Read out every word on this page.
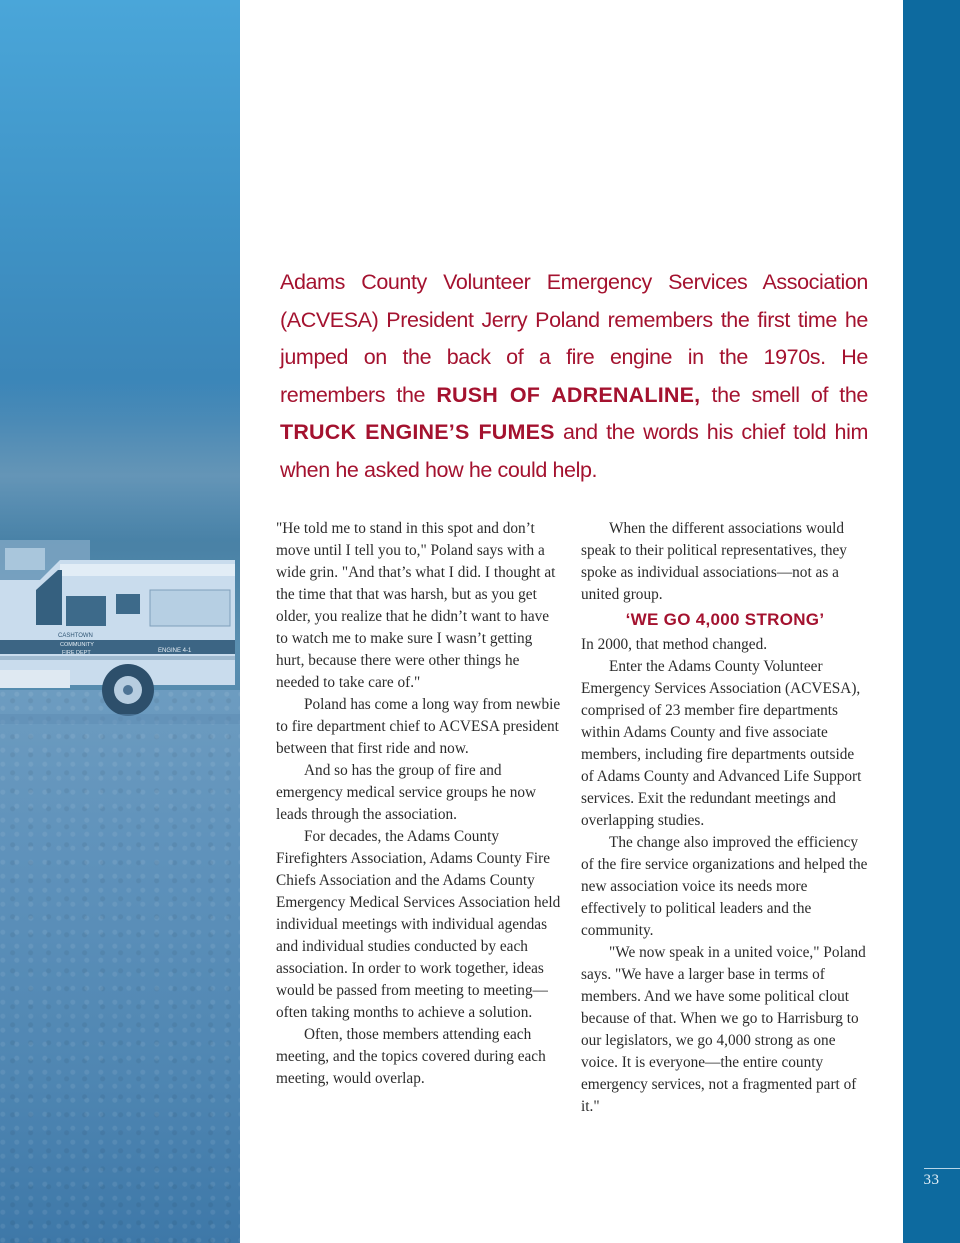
CASHTOWN
COMMUNITY
FIRE DEPT	ENGINE 4-1
33
Adams County Volunteer Emergency Services Association (ACVESA) President Jerry Poland remembers the first time he jumped on the back of a fire engine in the 1970s. He remembers the RUSH OF ADRENALINE, the smell of the TRUCK ENGINE’S FUMES and the words his chief told him when he asked how he could help.

"He told me to stand in this spot and don’t move until I tell you to," Poland says with a wide grin. "And that’s what I did. I thought at the time that that was harsh, but as you get older, you realize that he didn’t want to have to watch me to make sure I wasn’t getting hurt, because there were other things he needed to take care of."

Poland has come a long way from newbie to fire department chief to ACVESA president between that first ride and now.

And so has the group of fire and emergency medical service groups he now leads through the association.

For decades, the Adams County Firefighters Association, Adams County Fire Chiefs Association and the Adams County Emergency Medical Services Association held individual meetings with individual agendas and individual studies conducted by each association. In order to work together, ideas would be passed from meeting to meeting—often taking months to achieve a solution.

Often, those members attending each meeting, and the topics covered during each meeting, would overlap.

When the different associations would speak to their political representatives, they spoke as individual associations—not as a united group.

‘WE GO 4,000 STRONG’

In 2000, that method changed.

Enter the Adams County Volunteer Emergency Services Association (ACVESA), comprised of 23 member fire departments within Adams County and five associate members, including fire departments outside of Adams County and Advanced Life Support services. Exit the redundant meetings and overlapping studies.

The change also improved the efficiency of the fire service organizations and helped the new association voice its needs more effectively to political leaders and the community.

"We now speak in a united voice," Poland says. "We have a larger base in terms of members. And we have some political clout because of that. When we go to Harrisburg to our legislators, we go 4,000 strong as one voice. It is everyone—the entire county emergency services, not a fragmented part of it."
